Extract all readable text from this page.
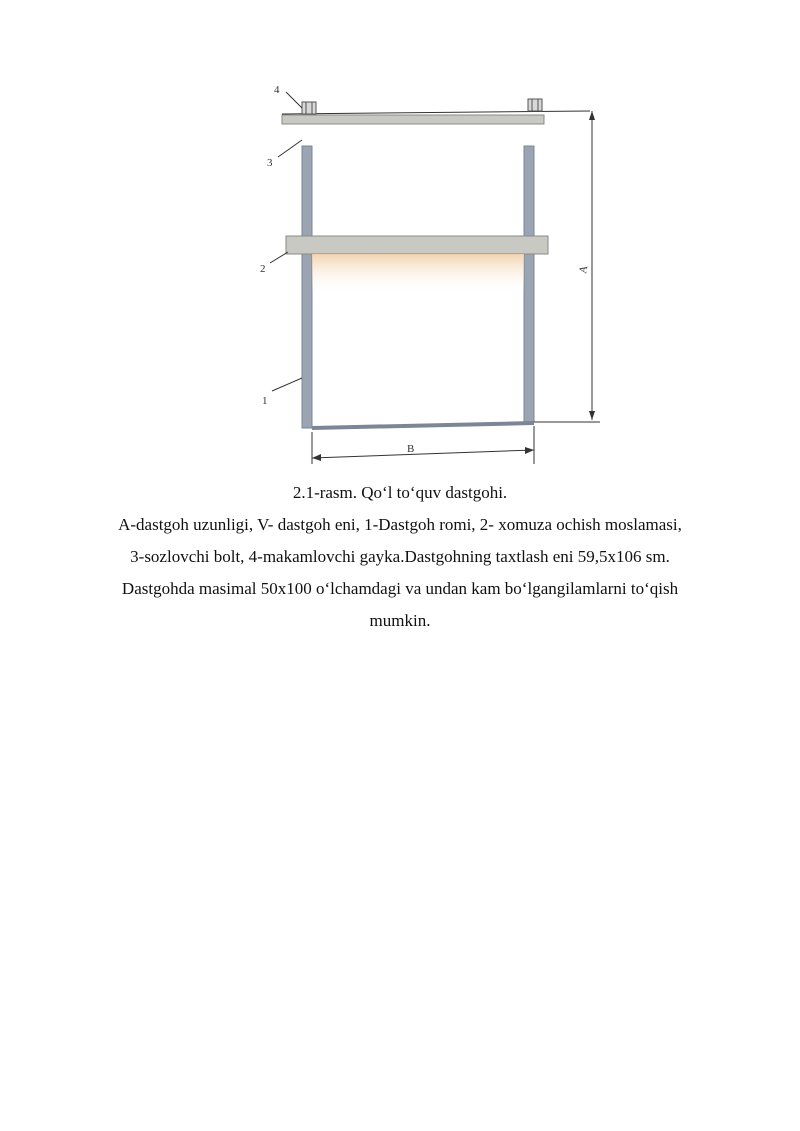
A
B
1
2
3
4

2.1-rasm. Qo‘l to‘quv dastgohi.

A-dastgoh uzunligi, V- dastgoh eni, 1-Dastgoh romi, 2- xomuza ochish moslamasi,

3-sozlovchi bolt, 4-makamlovchi gayka.Dastgohning taxtlash eni 59,5x106 sm.

Dastgohda masimal 50x100 o‘lchamdagi va undan kam bo‘lgangilamlarni to‘qish

mumkin.
